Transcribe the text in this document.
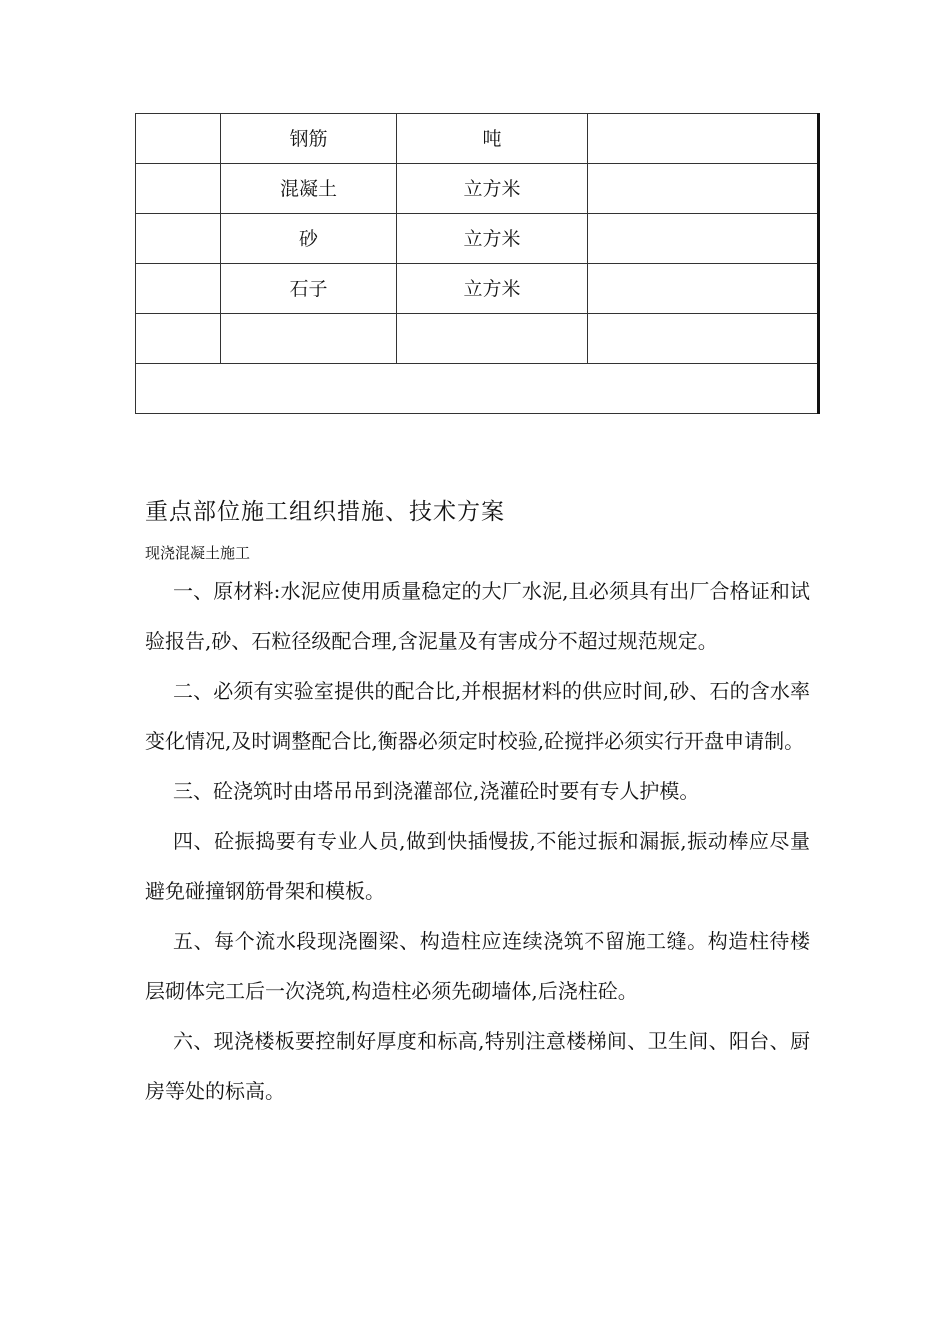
	钢筋	吨	

	混凝土	立方米	

	砂	立方米	

	石子	立方米	

重点部位施工组织措施、技术方案
现浇混凝土施工

一、原材料:水泥应使用质量稳定的大厂水泥,且必须具有出厂合格证和试验报告,砂、石粒径级配合理,含泥量及有害成分不超过规范规定。

二、必须有实验室提供的配合比,并根据材料的供应时间,砂、石的含水率变化情况,及时调整配合比,衡器必须定时校验,砼搅拌必须实行开盘申请制。

三、砼浇筑时由塔吊吊到浇灌部位,浇灌砼时要有专人护模。

四、砼振捣要有专业人员,做到快插慢拔,不能过振和漏振,振动棒应尽量避免碰撞钢筋骨架和模板。

五、每个流水段现浇圈梁、构造柱应连续浇筑不留施工缝。构造柱待楼层砌体完工后一次浇筑,构造柱必须先砌墙体,后浇柱砼。

六、现浇楼板要控制好厚度和标高,特别注意楼梯间、卫生间、阳台、厨房等处的标高。
